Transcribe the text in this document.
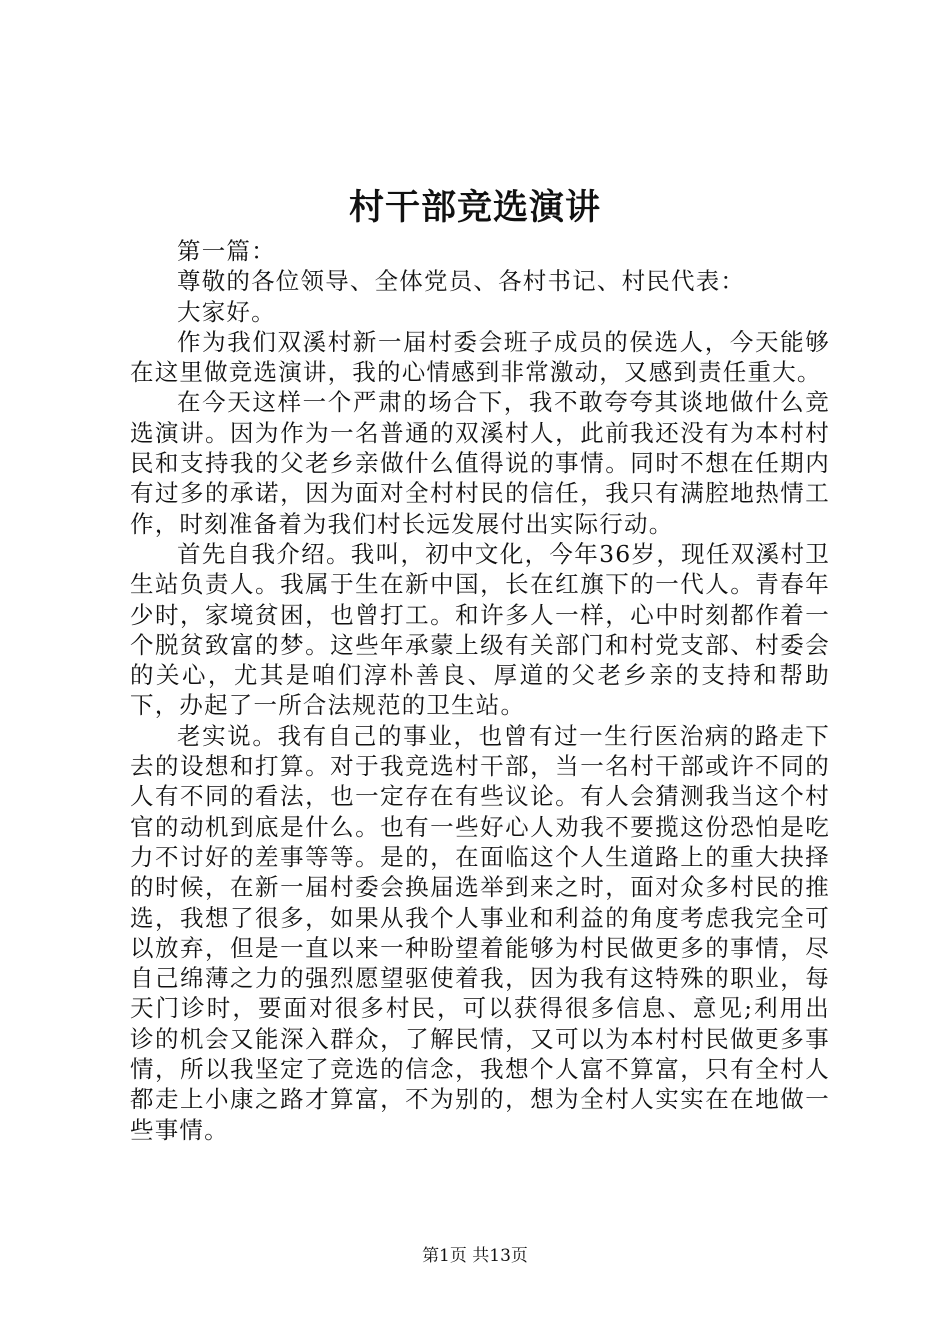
村干部竞选演讲

第一篇：

尊敬的各位领导、全体党员、各村书记、村民代表：

大家好。

作为我们双溪村新一届村委会班子成员的侯选人，今天能够在这里做竞选演讲，我的心情感到非常激动，又感到责任重大。

在今天这样一个严肃的场合下，我不敢夸夸其谈地做什么竞选演讲。因为作为一名普通的双溪村人，此前我还没有为本村村民和支持我的父老乡亲做什么值得说的事情。同时不想在任期内有过多的承诺，因为面对全村村民的信任，我只有满腔地热情工作，时刻准备着为我们村长远发展付出实际行动。

首先自我介绍。我叫，初中文化，今年36岁，现任双溪村卫生站负责人。我属于生在新中国，长在红旗下的一代人。青春年少时，家境贫困，也曾打工。和许多人一样，心中时刻都作着一个脱贫致富的梦。这些年承蒙上级有关部门和村党支部、村委会的关心，尤其是咱们淳朴善良、厚道的父老乡亲的支持和帮助下，办起了一所合法规范的卫生站。

老实说。我有自己的事业，也曾有过一生行医治病的路走下去的设想和打算。对于我竞选村干部，当一名村干部或许不同的人有不同的看法，也一定存在有些议论。有人会猜测我当这个村官的动机到底是什么。也有一些好心人劝我不要揽这份恐怕是吃力不讨好的差事等等。是的，在面临这个人生道路上的重大抉择的时候，在新一届村委会换届选举到来之时，面对众多村民的推选，我想了很多，如果从我个人事业和利益的角度考虑我完全可以放弃，但是一直以来一种盼望着能够为村民做更多的事情，尽自己绵薄之力的强烈愿望驱使着我，因为我有这特殊的职业，每天门诊时，要面对很多村民，可以获得很多信息、意见;利用出诊的机会又能深入群众，了解民情，又可以为本村村民做更多事情，所以我坚定了竞选的信念，我想个人富不算富，只有全村人都走上小康之路才算富，不为别的，想为全村人实实在在地做一些事情。

第1页 共13页
